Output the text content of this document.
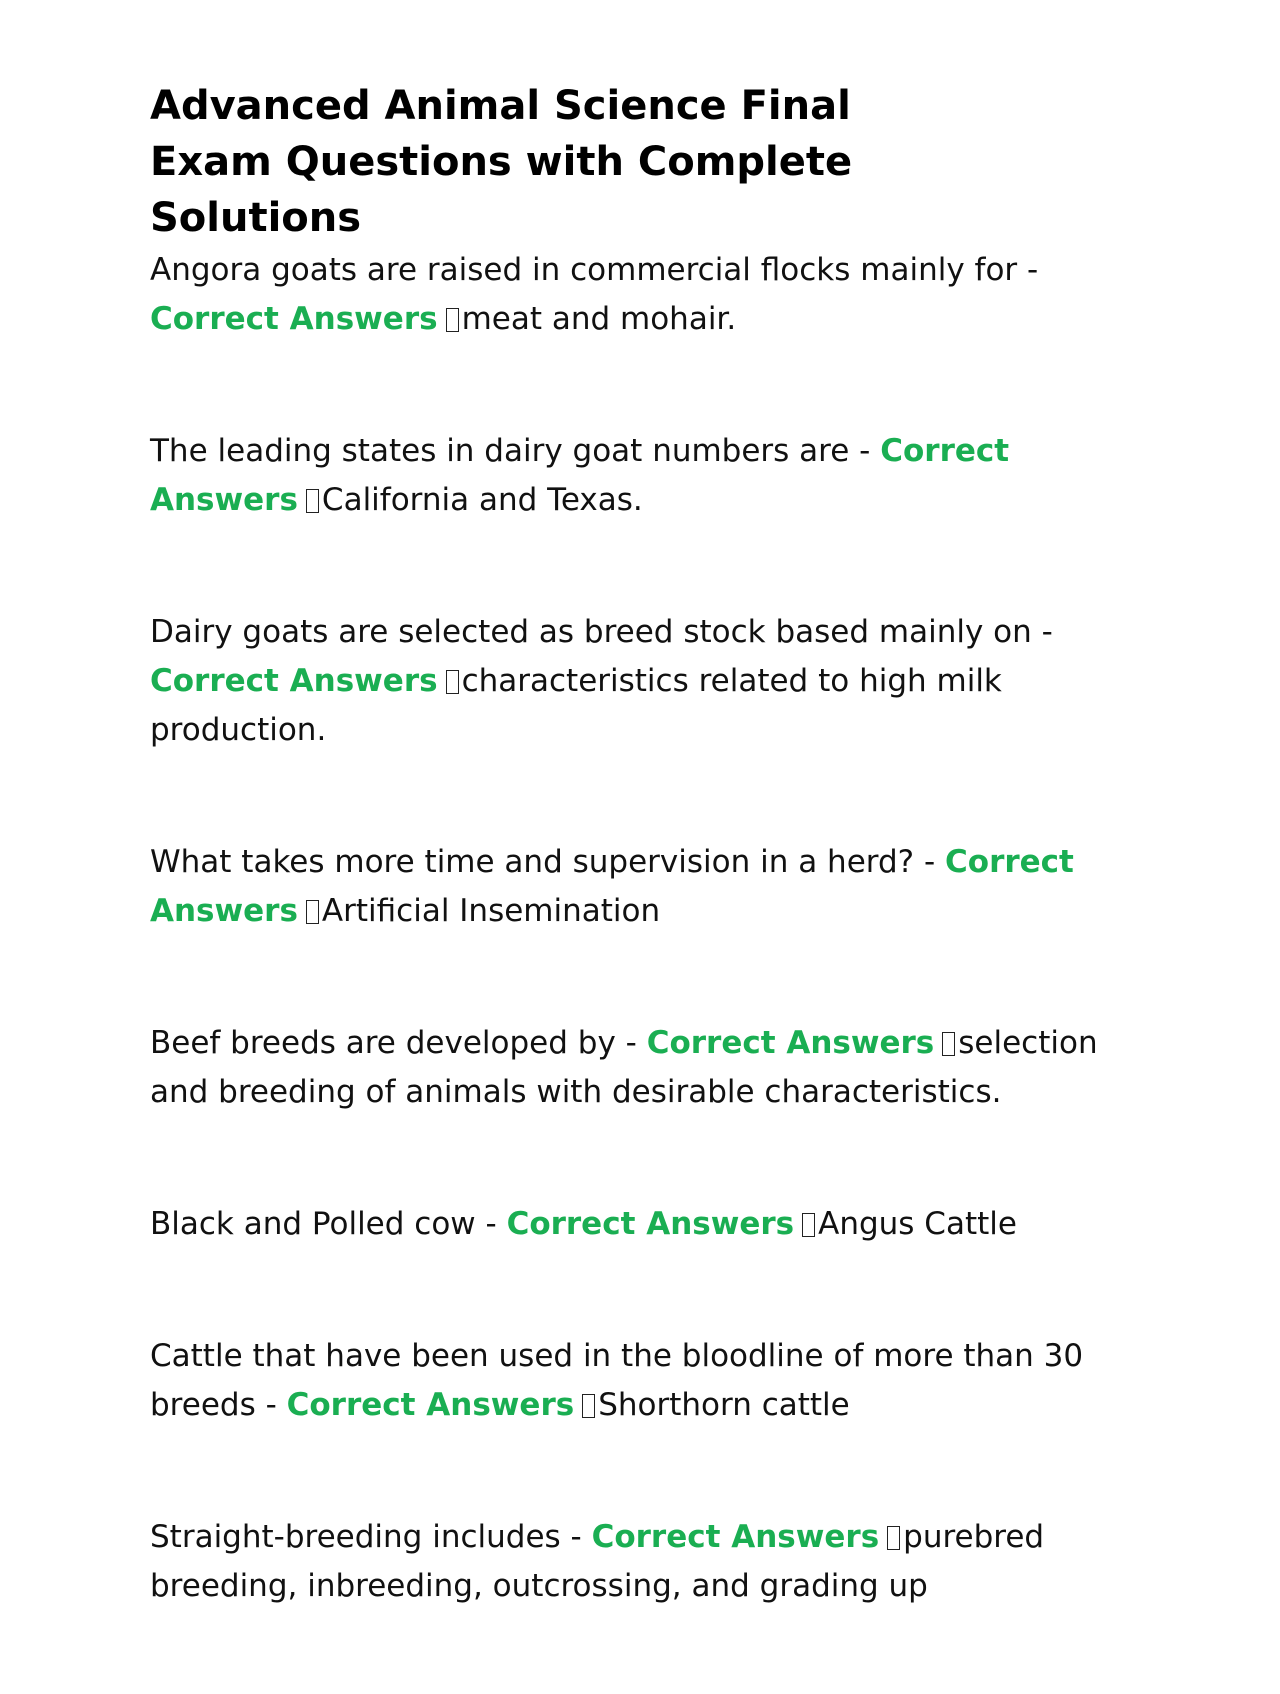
Advanced Animal Science Final Exam Questions with Complete Solutions
Angora goats are raised in commercial flocks mainly for - Correct Answers meat and mohair.
The leading states in dairy goat numbers are - Correct Answers California and Texas.
Dairy goats are selected as breed stock based mainly on - Correct Answers characteristics related to high milk production.
What takes more time and supervision in a herd? - Correct Answers Artificial Insemination
Beef breeds are developed by - Correct Answers selection and breeding of animals with desirable characteristics.
Black and Polled cow - Correct Answers Angus Cattle
Cattle that have been used in the bloodline of more than 30 breeds - Correct Answers Shorthorn cattle
Straight-breeding includes - Correct Answers purebred breeding, inbreeding, outcrossing, and grading up
